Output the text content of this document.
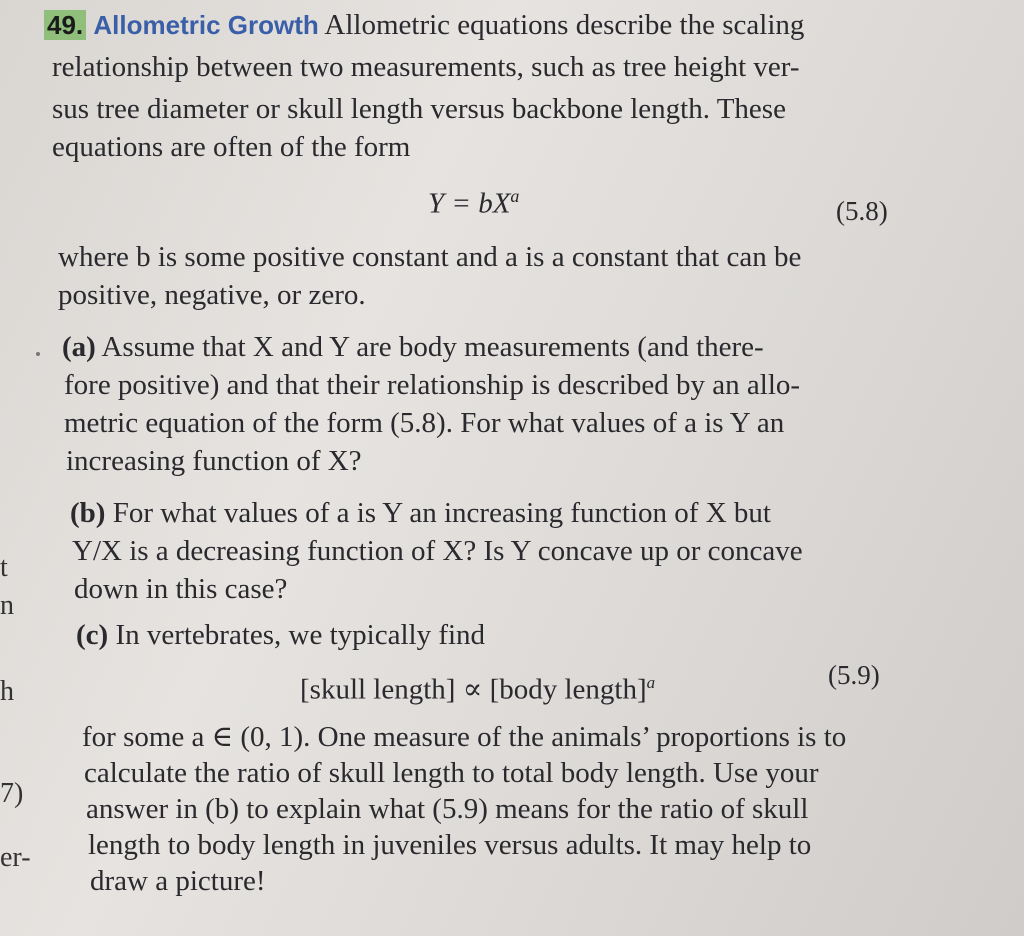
49. Allometric Growth Allometric equations describe the scaling
relationship between two measurements, such as tree height ver-
sus tree diameter or skull length versus backbone length. These
equations are often of the form
$Y = bX^a$	(5.8)
where b is some positive constant and a is a constant that can be
positive, negative, or zero.
(a) Assume that X and Y are body measurements (and there-
fore positive) and that their relationship is described by an allo-
metric equation of the form (5.8). For what values of a is Y an
increasing function of X?
(b) For what values of a is Y an increasing function of X but
Y/X is a decreasing function of X? Is Y concave up or concave
down in this case?
(c) In vertebrates, we typically find
[skull length] ∝ [body length]$^a$	(5.9)
for some a ∈ (0, 1). One measure of the animals’ proportions is to
calculate the ratio of skull length to total body length. Use your
answer in (b) to explain what (5.9) means for the ratio of skull
length to body length in juveniles versus adults. It may help to
draw a picture!
t
n
h
7)
er-
